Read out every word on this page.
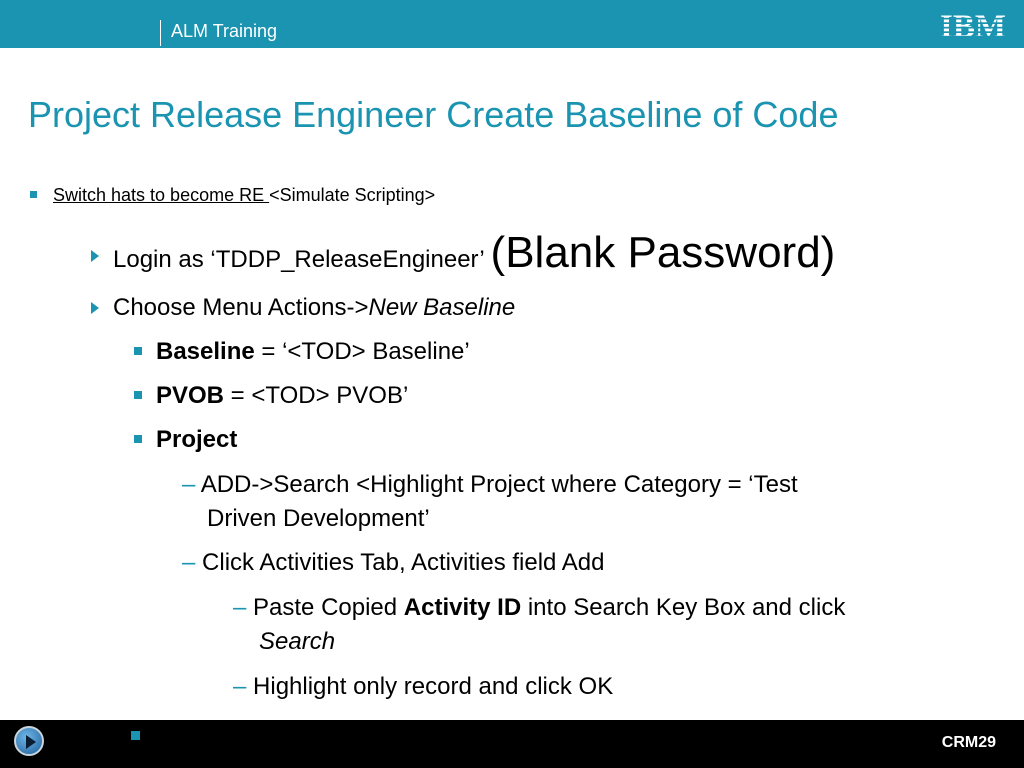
ALM Training	IBM
Project Release Engineer Create Baseline of Code
Switch hats to become RE <Simulate Scripting>
Login as ‘TDDP_ReleaseEngineer’ (Blank Password)
Choose Menu Actions->New Baseline
Baseline = ‘<TOD> Baseline’
PVOB = <TOD> PVOB’
Project
– ADD->Search <Highlight Project where Category = ‘Test
Driven Development’
– Click Activities Tab, Activities field Add
– Paste Copied Activity ID into Search Key Box and click
Search
– Highlight only record and click OK
CRM29
